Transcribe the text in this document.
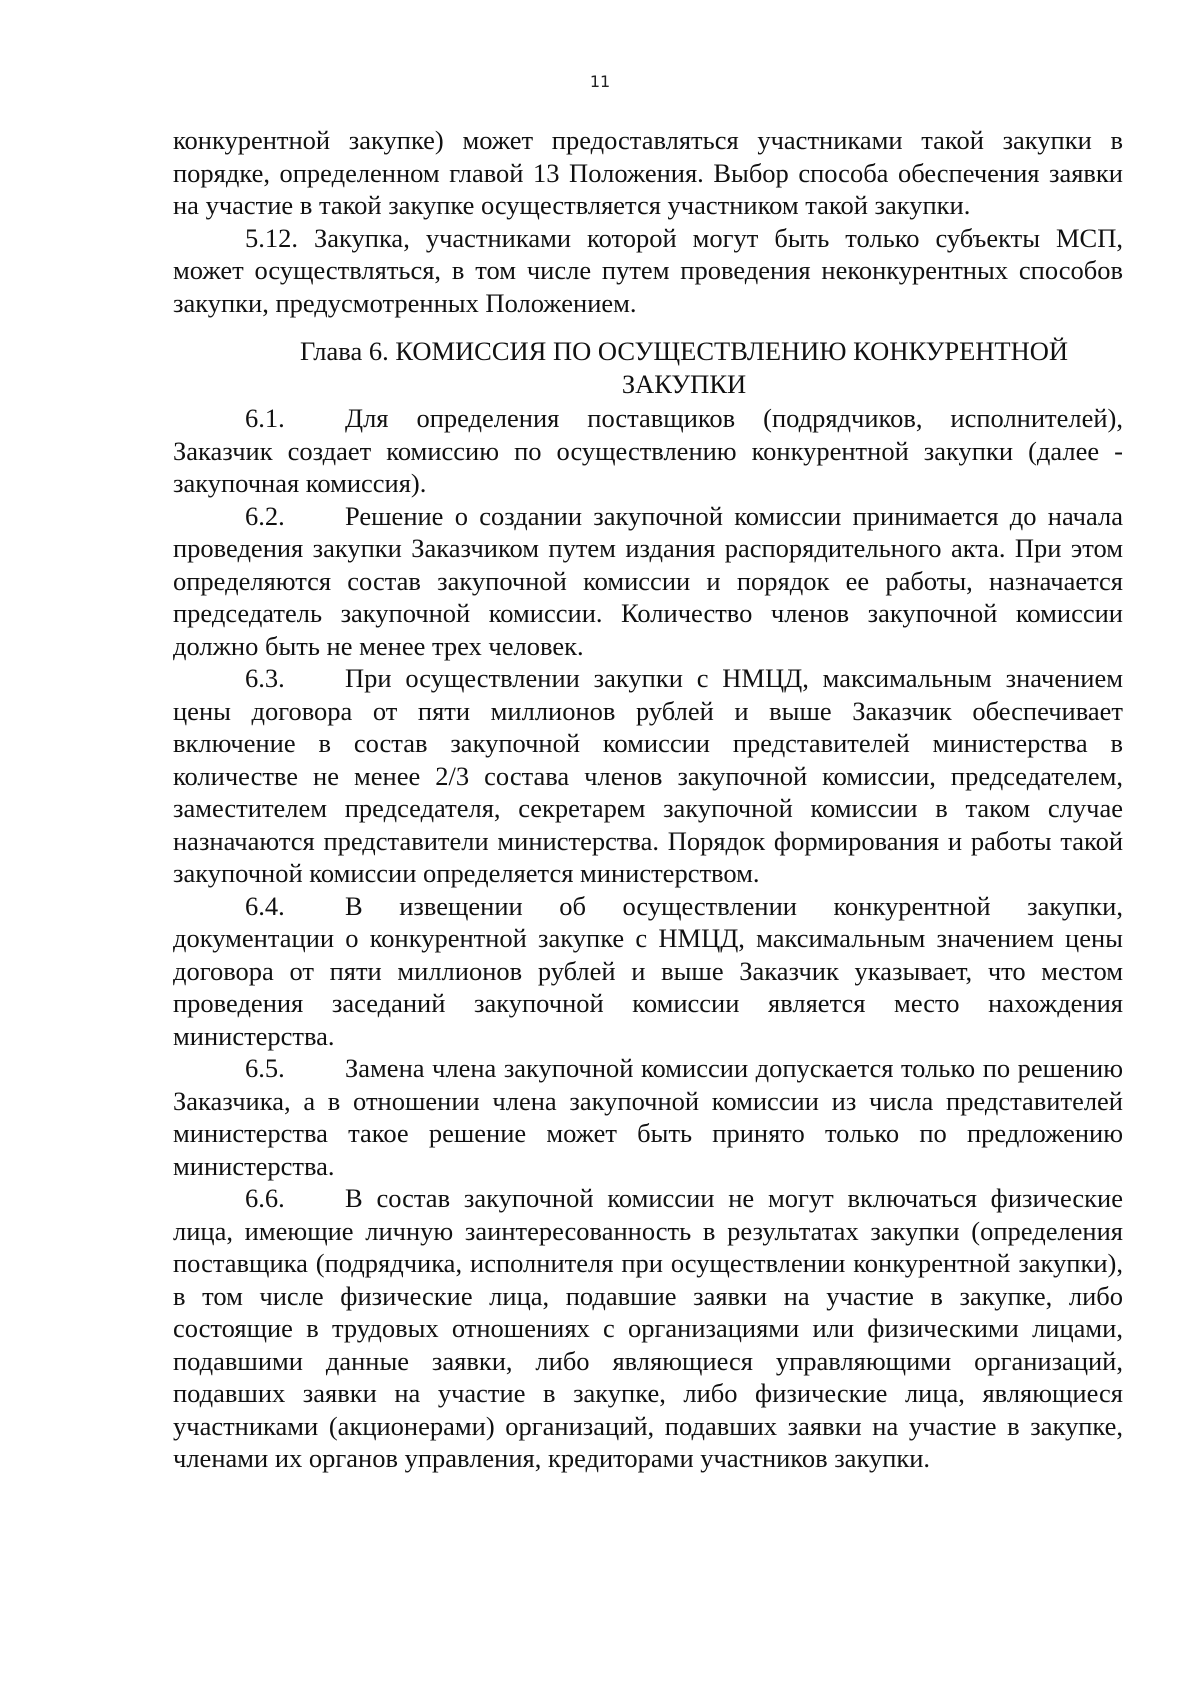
11

конкурентной закупке) может предоставляться участниками такой закупки в порядке, определенном главой 13 Положения. Выбор способа обеспечения заявки на участие в такой закупке осуществляется участником такой закупки.

5.12. Закупка, участниками которой могут быть только субъекты МСП, может осуществляться, в том числе путем проведения неконкурентных способов закупки, предусмотренных Положением.

Глава 6. КОМИССИЯ ПО ОСУЩЕСТВЛЕНИЮ КОНКУРЕНТНОЙ ЗАКУПКИ

6.1. Для определения поставщиков (подрядчиков, исполнителей), Заказчик создает комиссию по осуществлению конкурентной закупки (далее - закупочная комиссия).

6.2. Решение о создании закупочной комиссии принимается до начала проведения закупки Заказчиком путем издания распорядительного акта. При этом определяются состав закупочной комиссии и порядок ее работы, назначается председатель закупочной комиссии. Количество членов закупочной комиссии должно быть не менее трех человек.

6.3. При осуществлении закупки с НМЦД, максимальным значением цены договора от пяти миллионов рублей и выше Заказчик обеспечивает включение в состав закупочной комиссии представителей министерства в количестве не менее 2/3 состава членов закупочной комиссии, председателем, заместителем председателя, секретарем закупочной комиссии в таком случае назначаются представители министерства. Порядок формирования и работы такой закупочной комиссии определяется министерством.

6.4. В извещении об осуществлении конкурентной закупки, документации о конкурентной закупке с НМЦД, максимальным значением цены договора от пяти миллионов рублей и выше Заказчик указывает, что местом проведения заседаний закупочной комиссии является место нахождения министерства.

6.5. Замена члена закупочной комиссии допускается только по решению Заказчика, а в отношении члена закупочной комиссии из числа представителей министерства такое решение может быть принято только по предложению министерства.

6.6. В состав закупочной комиссии не могут включаться физические лица, имеющие личную заинтересованность в результатах закупки (определения поставщика (подрядчика, исполнителя при осуществлении конкурентной закупки), в том числе физические лица, подавшие заявки на участие в закупке, либо состоящие в трудовых отношениях с организациями или физическими лицами, подавшими данные заявки, либо являющиеся управляющими организаций, подавших заявки на участие в закупке, либо физические лица, являющиеся участниками (акционерами) организаций, подавших заявки на участие в закупке, членами их органов управления, кредиторами участников закупки.
